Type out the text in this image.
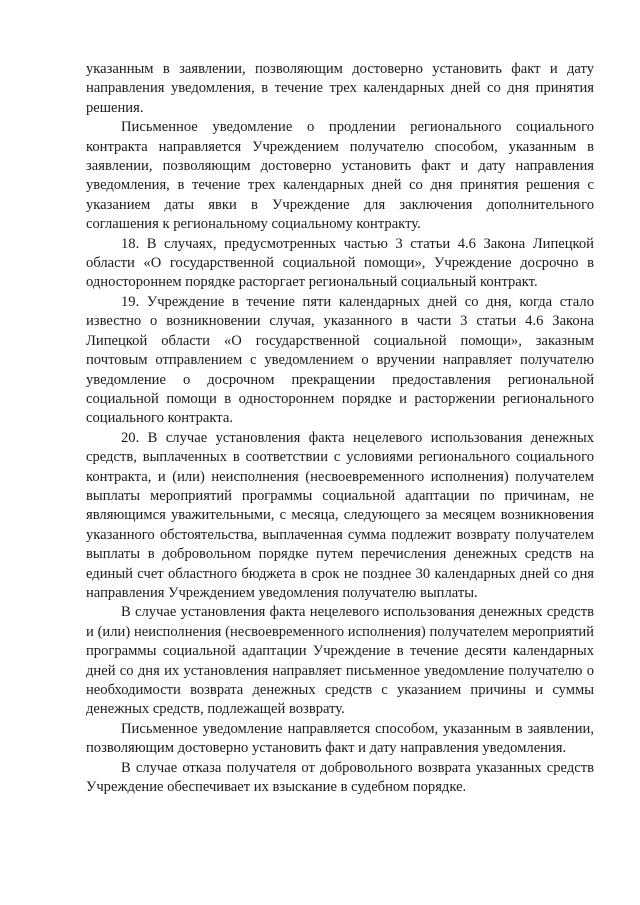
указанным в заявлении, позволяющим достоверно установить факт и дату направления уведомления, в течение трех календарных дней со дня принятия решения.

Письменное уведомление о продлении регионального социального контракта направляется Учреждением получателю способом, указанным в заявлении, позволяющим достоверно установить факт и дату направления уведомления, в течение трех календарных дней со дня принятия решения с указанием даты явки в Учреждение для заключения дополнительного соглашения к региональному социальному контракту.

18. В случаях, предусмотренных частью 3 статьи 4.6 Закона Липецкой области «О государственной социальной помощи», Учреждение досрочно в одностороннем порядке расторгает региональный социальный контракт.

19. Учреждение в течение пяти календарных дней со дня, когда стало известно о возникновении случая, указанного в части 3 статьи 4.6 Закона Липецкой области «О государственной социальной помощи», заказным почтовым отправлением с уведомлением о вручении направляет получателю уведомление о досрочном прекращении предоставления региональной социальной помощи в одностороннем порядке и расторжении регионального социального контракта.

20. В случае установления факта нецелевого использования денежных средств, выплаченных в соответствии с условиями регионального социального контракта, и (или) неисполнения (несвоевременного исполнения) получателем выплаты мероприятий программы социальной адаптации по причинам, не являющимся уважительными, с месяца, следующего за месяцем возникновения указанного обстоятельства, выплаченная сумма подлежит возврату получателем выплаты в добровольном порядке путем перечисления денежных средств на единый счет областного бюджета в срок не позднее 30 календарных дней со дня направления Учреждением уведомления получателю выплаты.

В случае установления факта нецелевого использования денежных средств и (или) неисполнения (несвоевременного исполнения) получателем мероприятий программы социальной адаптации Учреждение в течение десяти календарных дней со дня их установления направляет письменное уведомление получателю о необходимости возврата денежных средств с указанием причины и суммы денежных средств, подлежащей возврату.

Письменное уведомление направляется способом, указанным в заявлении, позволяющим достоверно установить факт и дату направления уведомления.

В случае отказа получателя от добровольного возврата указанных средств Учреждение обеспечивает их взыскание в судебном порядке.
